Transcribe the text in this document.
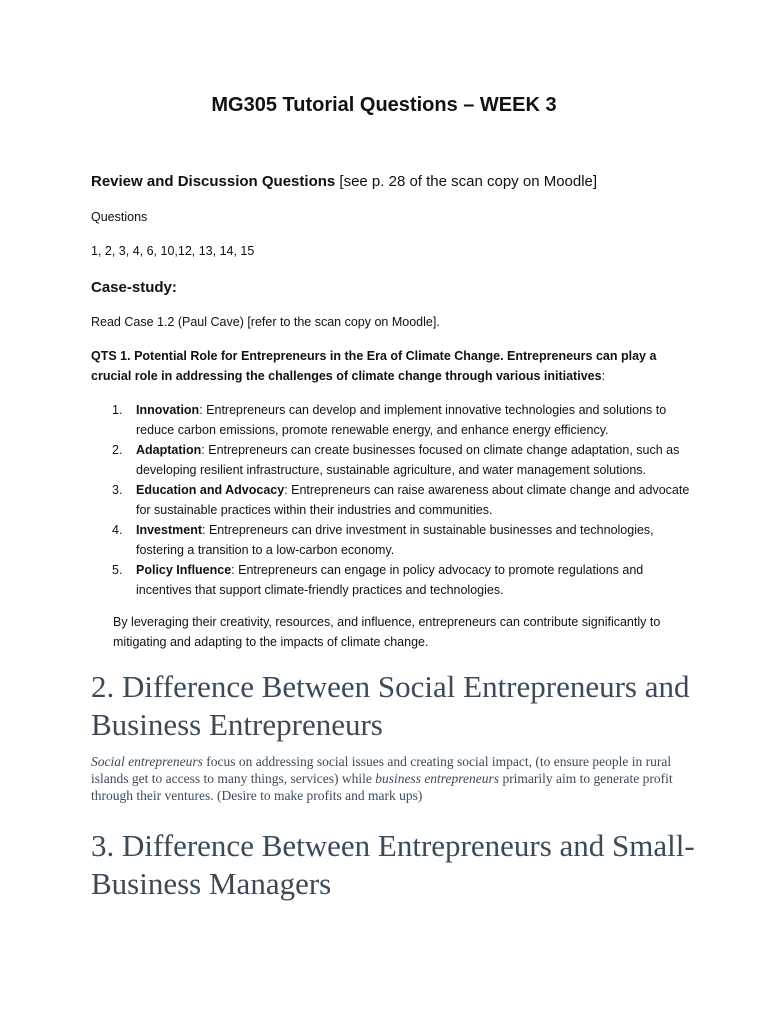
MG305 Tutorial Questions – WEEK 3
Review and Discussion Questions [see p. 28 of the scan copy on Moodle]
Questions
1, 2, 3, 4, 6, 10,12, 13, 14, 15
Case-study:
Read Case 1.2 (Paul Cave) [refer to the scan copy on Moodle].
QTS 1. Potential Role for Entrepreneurs in the Era of Climate Change. Entrepreneurs can play a crucial role in addressing the challenges of climate change through various initiatives:
1. Innovation: Entrepreneurs can develop and implement innovative technologies and solutions to reduce carbon emissions, promote renewable energy, and enhance energy efficiency.
2. Adaptation: Entrepreneurs can create businesses focused on climate change adaptation, such as developing resilient infrastructure, sustainable agriculture, and water management solutions.
3. Education and Advocacy: Entrepreneurs can raise awareness about climate change and advocate for sustainable practices within their industries and communities.
4. Investment: Entrepreneurs can drive investment in sustainable businesses and technologies, fostering a transition to a low-carbon economy.
5. Policy Influence: Entrepreneurs can engage in policy advocacy to promote regulations and incentives that support climate-friendly practices and technologies.
By leveraging their creativity, resources, and influence, entrepreneurs can contribute significantly to mitigating and adapting to the impacts of climate change.
2. Difference Between Social Entrepreneurs and Business Entrepreneurs
Social entrepreneurs focus on addressing social issues and creating social impact, (to ensure people in rural islands get to access to many things, services) while business entrepreneurs primarily aim to generate profit through their ventures. (Desire to make profits and mark ups)
3. Difference Between Entrepreneurs and Small-Business Managers
